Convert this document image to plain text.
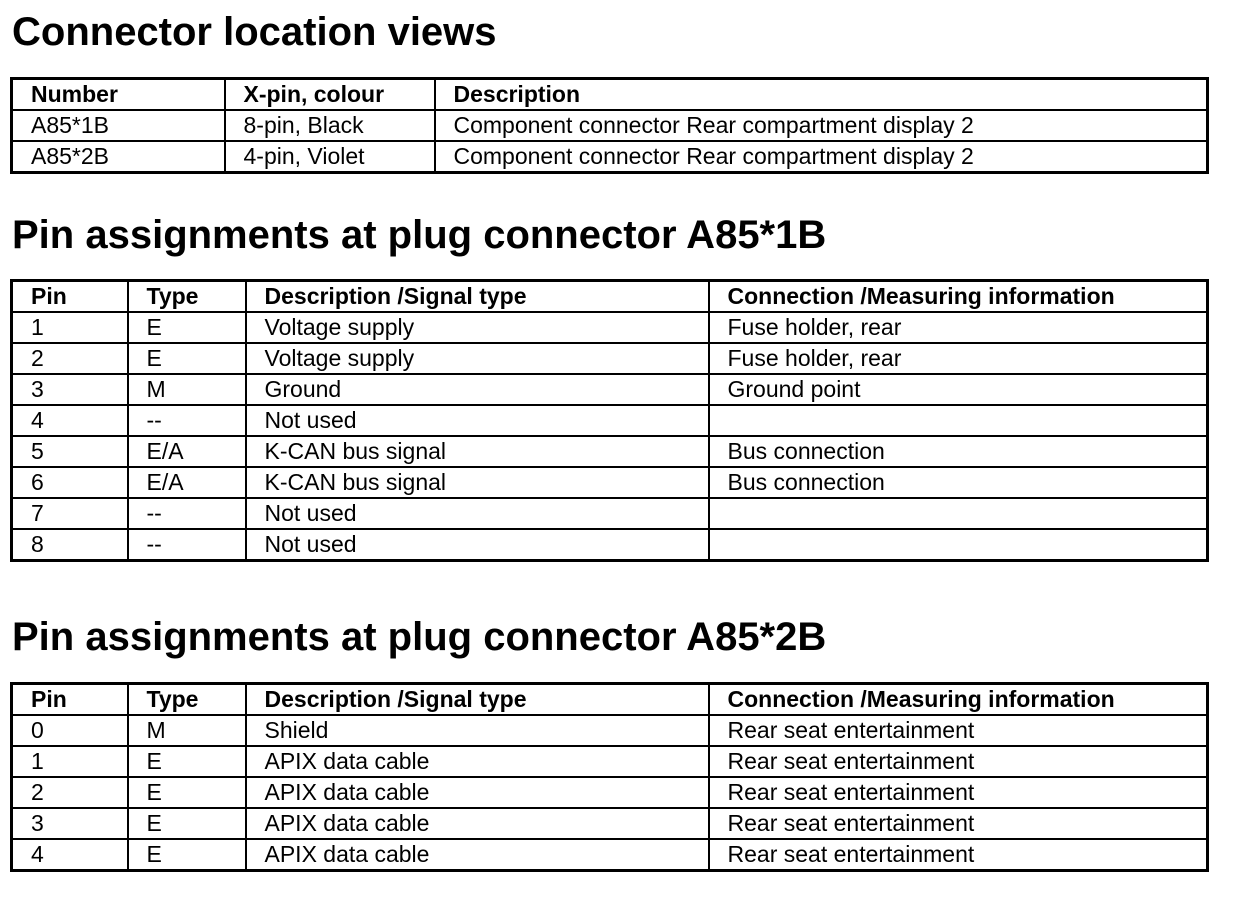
Connector location views
Number	X-pin, colour	Description
A85*1B	8-pin, Black	Component connector Rear compartment display 2
A85*2B	4-pin, Violet	Component connector Rear compartment display 2
Pin assignments at plug connector A85*1B
Pin	Type	Description /Signal type	Connection /Measuring information
1	E	Voltage supply	Fuse holder, rear
2	E	Voltage supply	Fuse holder, rear
3	M	Ground	Ground point
4	--	Not used	
5	E/A	K-CAN bus signal	Bus connection
6	E/A	K-CAN bus signal	Bus connection
7	--	Not used	
8	--	Not used	
Pin assignments at plug connector A85*2B
Pin	Type	Description /Signal type	Connection /Measuring information
0	M	Shield	Rear seat entertainment
1	E	APIX data cable	Rear seat entertainment
2	E	APIX data cable	Rear seat entertainment
3	E	APIX data cable	Rear seat entertainment
4	E	APIX data cable	Rear seat entertainment
